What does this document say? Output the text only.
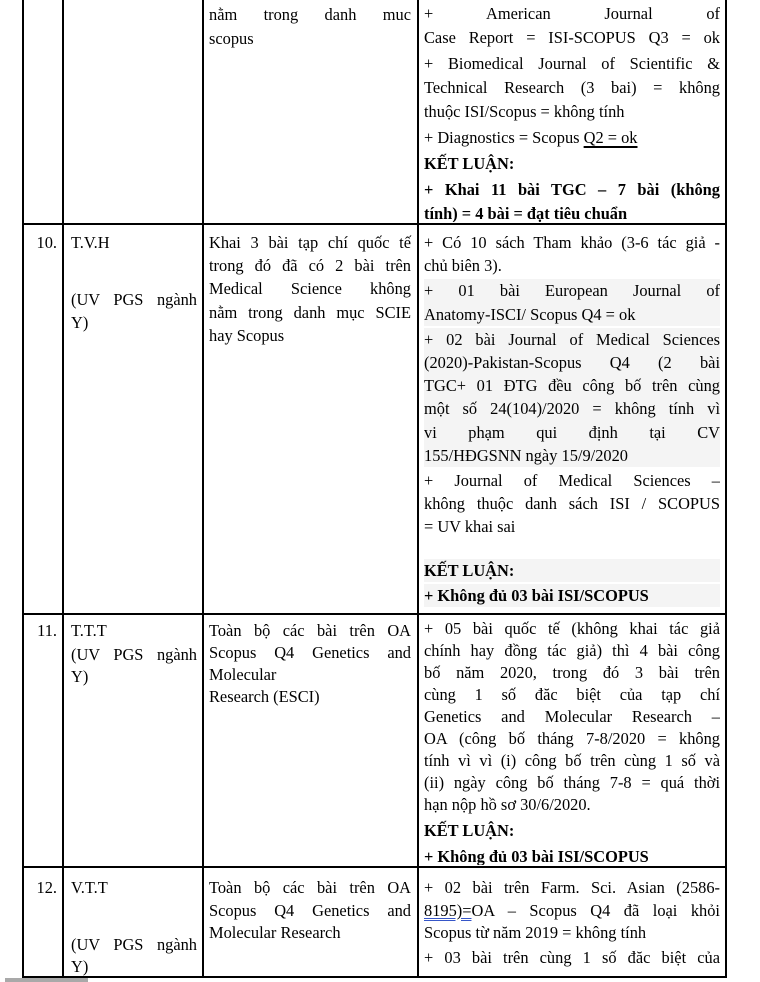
nằm trong danh muc
scopus
+ American Journal of
Case Report = ISI-SCOPUS Q3 = ok
+ Biomedical Journal of Scientific &
Technical Research (3 bai) = không
thuộc ISI/Scopus = không tính
+ Diagnostics = Scopus Q2 = ok
KẾT LUẬN:
+ Khai 11 bài TGC – 7 bài (không
tính) = 4 bài = đạt tiêu chuẩn
10. T.V.H
(UV PGS ngành
Y)
Khai 3 bài tạp chí quốc tế
trong đó đã có 2 bài trên
Medical Science không
nằm trong danh mục SCIE
hay Scopus
+ Có 10 sách Tham khảo (3-6 tác giả -
chủ biên 3).
+ 01 bài European Journal of
Anatomy-ISCI/ Scopus Q4 = ok
+ 02 bài Journal of Medical Sciences
(2020)-Pakistan-Scopus Q4 (2 bài
TGC+ 01 ĐTG đều công bố trên cùng
một số 24(104)/2020 = không tính vì
vi phạm qui định tại CV
155/HĐGSNN ngày 15/9/2020
+ Journal of Medical Sciences –
không thuộc danh sách ISI / SCOPUS
= UV khai sai
KẾT LUẬN:
+ Không đủ 03 bài ISI/SCOPUS
11. T.T.T
(UV PGS ngành
Y)
Toàn bộ các bài trên OA
Scopus Q4 Genetics and
Molecular
Research (ESCI)
+ 05 bài quốc tế (không khai tác giả
chính hay đồng tác giả) thì 4 bài công
bố năm 2020, trong đó 3 bài trên
cùng 1 số đăc biệt của tạp chí
Genetics and Molecular Research –
OA (công bố tháng 7-8/2020 = không
tính vì vì (i) công bố trên cùng 1 số và
(ii) ngày công bố tháng 7-8 = quá thời
hạn nộp hồ sơ 30/6/2020.
KẾT LUẬN:
+ Không đủ 03 bài ISI/SCOPUS
12. V.T.T
(UV PGS ngành
Y)
Toàn bộ các bài trên OA
Scopus Q4 Genetics and
Molecular Research
+ 02 bài trên Farm. Sci. Asian (2586-
8195)=OA – Scopus Q4 đã loại khỏi
Scopus từ năm 2019 = không tính
+ 03 bài trên cùng 1 số đăc biệt của
